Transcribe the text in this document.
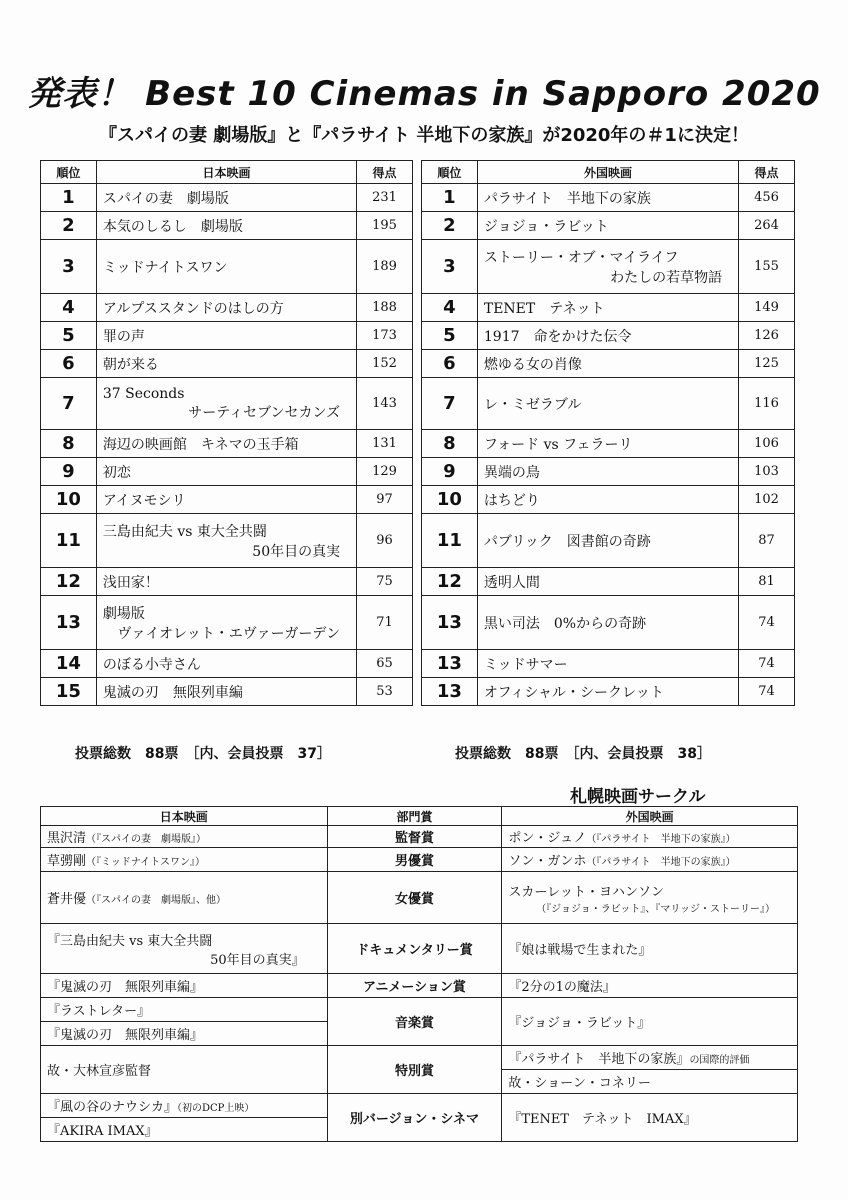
発表！ Best 10 Cinemas in Sapporo 2020
『スパイの妻 劇場版』と『パラサイト 半地下の家族』が2020年の＃1に決定！
順位	日本映画	得点
1	スパイの妻　劇場版	231
2	本気のしるし　劇場版	195
3	ミッドナイトスワン	189
4	アルプススタンドのはしの方	188
5	罪の声	173
6	朝が来る	152
7	37 Seconds
サーティセブンセカンズ	143
8	海辺の映画館　キネマの玉手箱	131
9	初恋	129
10	アイヌモシリ	97
11	三島由紀夫 vs 東大全共闘
50年目の真実	96
12	浅田家！	75
13	劇場版
ヴァイオレット・エヴァーガーデン	71
14	のぼる小寺さん	65
15	鬼滅の刃　無限列車編	53
順位	外国映画	得点
1	パラサイト　半地下の家族	456
2	ジョジョ・ラビット	264
3	ストーリー・オブ・マイライフ
わたしの若草物語	155
4	TENET　テネット	149
5	1917　命をかけた伝令	126
6	燃ゆる女の肖像	125
7	レ・ミゼラブル	116
8	フォード vs フェラーリ	106
9	異端の鳥	103
10	はちどり	102
11	パブリック　図書館の奇跡	87
12	透明人間	81
13	黒い司法　0%からの奇跡	74
13	ミッドサマー	74
13	オフィシャル・シークレット	74
投票総数　88票　［内、会員投票　37］	投票総数　88票　［内、会員投票　38］
札幌映画サークル
日本映画	部門賞	外国映画
黒沢清（『スパイの妻　劇場版』）	監督賞	ポン・ジュノ（『パラサイト　半地下の家族』）
草彅剛（『ミッドナイトスワン』）	男優賞	ソン・ガンホ（『パラサイト　半地下の家族』）
蒼井優（『スパイの妻　劇場版』、他）	女優賞	スカーレット・ヨハンソン
（『ジョジョ・ラビット』、『マリッジ・ストーリー』）

『三島由紀夫 vs 東大全共闘
50年目の真実』	ドキュメンタリー賞	『娘は戦場で生まれた』
『鬼滅の刃　無限列車編』	アニメーション賞	『2分の1の魔法』
『ラストレター』	音楽賞	『ジョジョ・ラビット』
『鬼滅の刃　無限列車編』		
故・大林宣彦監督	特別賞	『パラサイト　半地下の家族』の国際的評価
		故・ショーン・コネリー
『風の谷のナウシカ』（初のDCP上映）	別バージョン・シネマ	『TENET　テネット　IMAX』
『AKIRA IMAX』		
